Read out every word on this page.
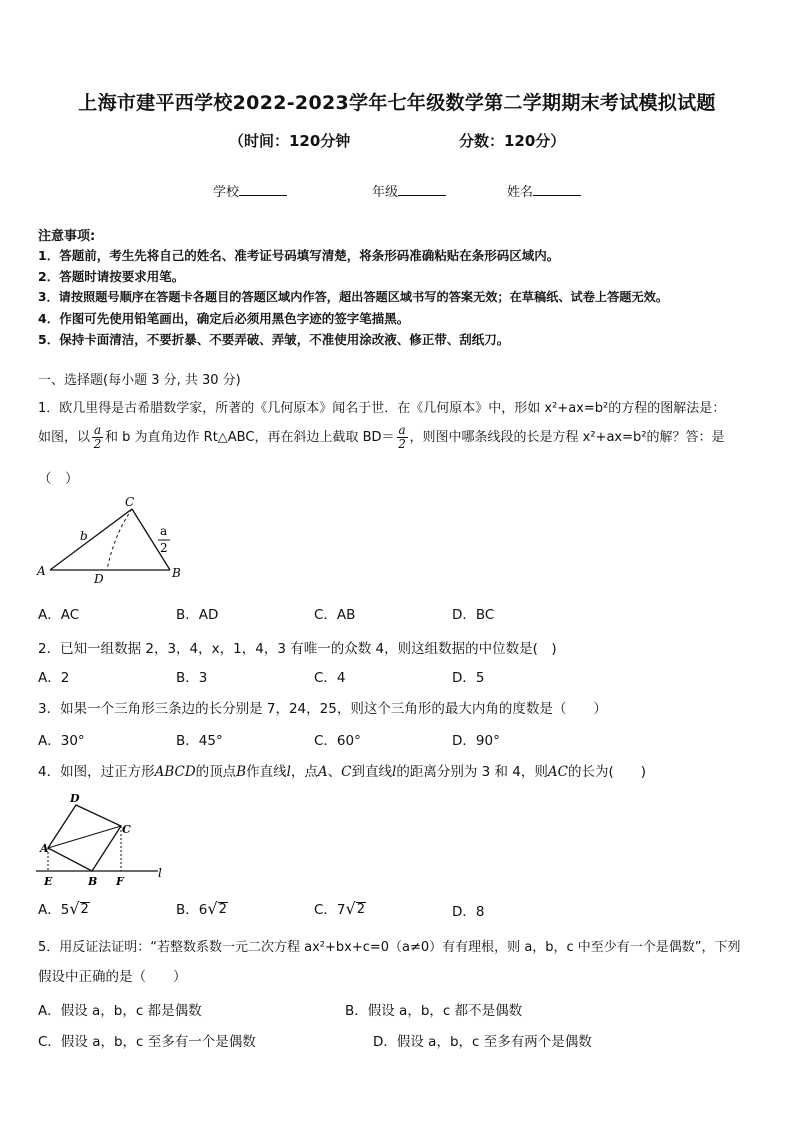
上海市建平西学校2022-2023学年七年级数学第二学期期末考试模拟试题
（时间：120分钟	分数：120分）
学校	年级	姓名
注意事项:
1．答题前，考生先将自己的姓名、准考证号码填写清楚，将条形码准确粘贴在条形码区域内。
2．答题时请按要求用笔。
3．请按照题号顺序在答题卡各题目的答题区域内作答，超出答题区域书写的答案无效；在草稿纸、试卷上答题无效。
4．作图可先使用铅笔画出，确定后必须用黑色字迹的签字笔描黑。
5．保持卡面清洁，不要折暴、不要弄破、弄皱，不准使用涂改液、修正带、刮纸刀。
一、选择题(每小题 3 分, 共 30 分)
1．欧几里得是古希腊数学家，所著的《几何原本》闻名于世．在《几何原本》中，形如 x²+ax=b²的方程的图解法是：
如图，以 $\frac{a}{2}$ 和 b 为直角边作 Rt△ABC，再在斜边上截取 $BD= \frac{a}{2}$ ，则图中哪条线段的长是方程 x²+ax=b²的解？答：是
（　）
A	B
C
D
b	a
2
A．AC	B．AD	C．AB	D．BC
2．已知一组数据 2，3，4，x，1，4，3 有唯一的众数 4，则这组数据的中位数是(　)
A．2	B．3	C．4	D．5
3．如果一个三角形三条边的长分别是 7，24，25，则这个三角形的最大内角的度数是（　　）
A．30°	B．45°	C．60°	D．90°
4．如图，过正方形ABCD的顶点B作直线l，点A、C到直线l的距离分别为 3 和 4，则AC的长为(　　)
D
C
A
E	B F
l
A．5 √ 2	B．6 √ 2	C．7 √ 2	D．8
5．用反证法证明：“若整数系数一元二次方程 ax²+bx+c=0（a≠0）有有理根，则 a，b，c 中至少有一个是偶数”，下列
假设中正确的是（　　）
A．假设 a，b，c 都是偶数	B．假设 a，b，c 都不是偶数
C．假设 a，b，c 至多有一个是偶数	D．假设 a，b，c 至多有两个是偶数
